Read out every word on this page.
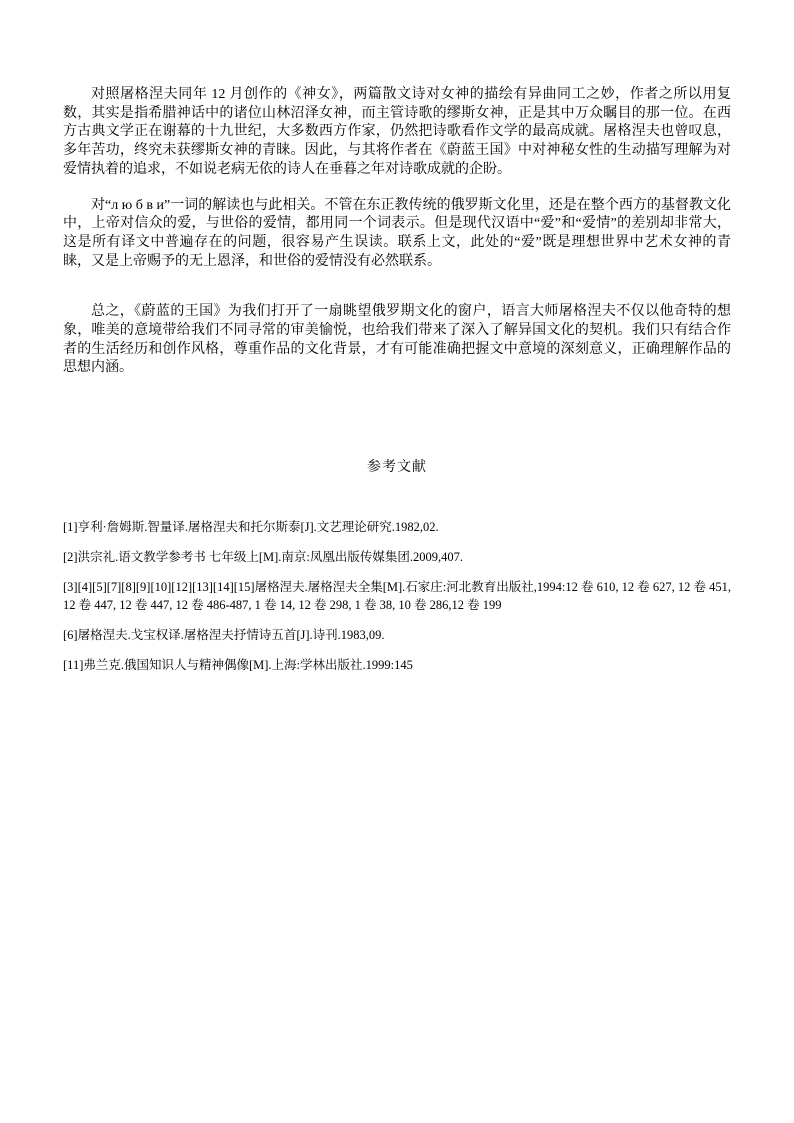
对照屠格涅夫同年 12 月创作的《神女》，两篇散文诗对女神的描绘有异曲同工之妙，作者之所以用复数，其实是指希腊神话中的诸位山林沼泽女神，而主管诗歌的缪斯女神，正是其中万众瞩目的那一位。在西方古典文学正在谢幕的十九世纪，大多数西方作家，仍然把诗歌看作文学的最高成就。屠格涅夫也曾叹息，多年苦功，终究未获缪斯女神的青睐。因此，与其将作者在《蔚蓝王国》中对神秘女性的生动描写理解为对爱情执着的追求，不如说老病无依的诗人在垂暮之年对诗歌成就的企盼。

对“л ю б в и”一词的解读也与此相关。不管在东正教传统的俄罗斯文化里，还是在整个西方的基督教文化中，上帝对信众的爱，与世俗的爱情，都用同一个词表示。但是现代汉语中“爱”和“爱情”的差别却非常大，这是所有译文中普遍存在的问题，很容易产生误读。联系上文，此处的“爱”既是理想世界中艺术女神的青睐，又是上帝赐予的无上恩泽，和世俗的爱情没有必然联系。

总之，《蔚蓝的王国》为我们打开了一扇眺望俄罗期文化的窗户，语言大师屠格涅夫不仅以他奇特的想象，唯美的意境带给我们不同寻常的审美愉悦，也给我们带来了深入了解异国文化的契机。我们只有结合作者的生活经历和创作风格，尊重作品的文化背景，才有可能准确把握文中意境的深刻意义，正确理解作品的思想内涵。

参考文献

[1]亨利·詹姆斯.智量译.屠格涅夫和托尔斯泰[J].文艺理论研究.1982,02.

[2]洪宗礼.语文教学参考书 七年级上[M].南京:凤凰出版传媒集团.2009,407.

[3][4][5][7][8][9][10][12][13][14][15]屠格涅夫.屠格涅夫全集[M].石家庄:河北教育出版社,1994:12 卷 610, 12 卷 627, 12 卷 451,12 卷 447, 12 卷 447, 12 卷 486-487, 1 卷 14, 12 卷 298, 1 卷 38, 10 卷 286,12 卷 199

[6]屠格涅夫.戈宝权译.屠格涅夫抒情诗五首[J].诗刊.1983,09.

[11]弗兰克.俄国知识人与精神偶像[M].上海:学林出版社.1999:145
